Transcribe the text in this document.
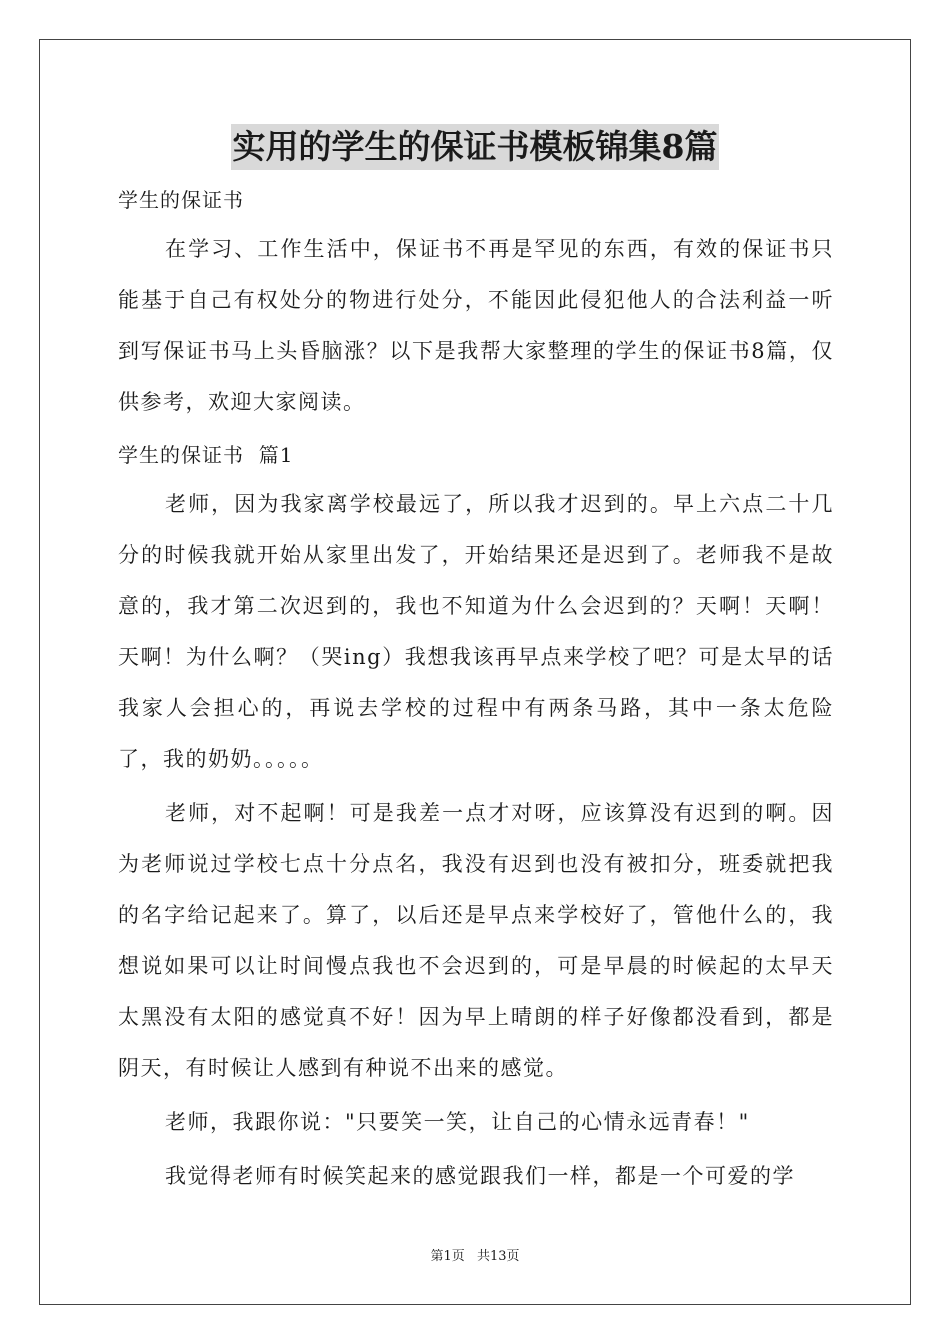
实用的学生的保证书模板锦集8篇

学生的保证书

在学习、工作生活中，保证书不再是罕见的东西，有效的保证书只能基于自己有权处分的物进行处分，不能因此侵犯他人的合法利益一听到写保证书马上头昏脑涨？以下是我帮大家整理的学生的保证书8篇，仅供参考，欢迎大家阅读。

学生的保证书  篇1

老师，因为我家离学校最远了，所以我才迟到的。早上六点二十几分的时候我就开始从家里出发了，开始结果还是迟到了。老师我不是故意的，我才第二次迟到的，我也不知道为什么会迟到的？天啊！天啊！天啊！为什么啊？（哭ing）我想我该再早点来学校了吧？可是太早的话我家人会担心的，再说去学校的过程中有两条马路，其中一条太危险了，我的奶奶。。。。。

老师，对不起啊！可是我差一点才对呀，应该算没有迟到的啊。因为老师说过学校七点十分点名，我没有迟到也没有被扣分，班委就把我的名字给记起来了。算了，以后还是早点来学校好了，管他什么的，我想说如果可以让时间慢点我也不会迟到的，可是早晨的时候起的太早天太黑没有太阳的感觉真不好！因为早上晴朗的样子好像都没看到，都是阴天，有时候让人感到有种说不出来的感觉。

老师，我跟你说："只要笑一笑，让自己的心情永远青春！"

我觉得老师有时候笑起来的感觉跟我们一样，都是一个可爱的学

第1页 共13页
